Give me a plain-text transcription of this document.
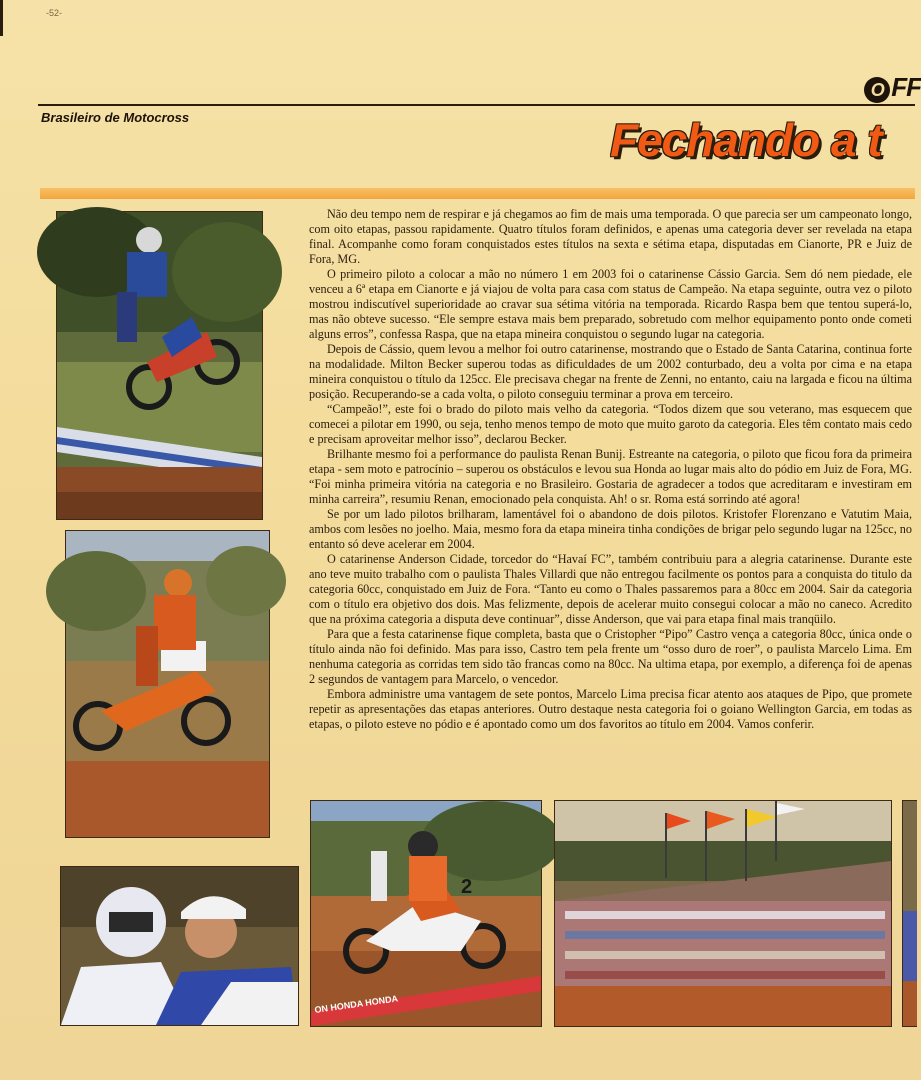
-52-
O FF
Brasileiro de Motocross	Fechando a t
2
ON HONDA HONDA

Não deu tempo nem de respirar e já chegamos ao fim de mais uma temporada. O que parecia ser um campeonato longo, com oito etapas, passou rapidamente. Quatro títulos foram definidos, e apenas uma categoria dever ser revelada na etapa final. Acompanhe como foram conquistados estes títulos na sexta e sétima etapa, disputadas em Cianorte, PR e Juiz de Fora, MG.

O primeiro piloto a colocar a mão no número 1 em 2003 foi o catarinense Cássio Garcia. Sem dó nem piedade, ele venceu a 6ª etapa em Cianorte e já viajou de volta para casa com status de Campeão. Na etapa seguinte, outra vez o piloto mostrou indiscutível superioridade ao cravar sua sétima vitória na temporada. Ricardo Raspa bem que tentou superá-lo, mas não obteve sucesso. “Ele sempre estava mais bem preparado, sobretudo com melhor equipamento ponto onde cometi alguns erros”, confessa Raspa, que na etapa mineira conquistou o segundo lugar na categoria.

Depois de Cássio, quem levou a melhor foi outro catarinense, mostrando que o Estado de Santa Catarina, continua forte na modalidade. Milton Becker superou todas as dificuldades de um 2002 conturbado, deu a volta por cima e na etapa mineira conquistou o título da 125cc. Ele precisava chegar na frente de Zenni, no entanto, caiu na largada e ficou na última posição. Recuperando-se a cada volta, o piloto conseguiu terminar a prova em terceiro.

“Campeão!”, este foi o brado do piloto mais velho da categoria. “Todos dizem que sou veterano, mas esquecem que comecei a pilotar em 1990, ou seja, tenho menos tempo de moto que muito garoto da categoria. Eles têm contato mais cedo e precisam aproveitar melhor isso”, declarou Becker.

Brilhante mesmo foi a performance do paulista Renan Bunij. Estreante na categoria, o piloto que ficou fora da primeira etapa - sem moto e patrocínio – superou os obstáculos e levou sua Honda ao lugar mais alto do pódio em Juiz de Fora, MG. “Foi minha primeira vitória na categoria e no Brasileiro. Gostaria de agradecer a todos que acreditaram e investiram em minha carreira”, resumiu Renan, emocionado pela conquista. Ah! o sr. Roma está sorrindo até agora!

Se por um lado pilotos brilharam, lamentável foi o abandono de dois pilotos. Kristofer Florenzano e Vatutim Maia, ambos com lesões no joelho. Maia, mesmo fora da etapa mineira tinha condições de brigar pelo segundo lugar na 125cc, no entanto só deve acelerar em 2004.

O catarinense Anderson Cidade, torcedor do “Havaí FC”, também contribuiu para a alegria catarinense. Durante este ano teve muito trabalho com o paulista Thales Villardi que não entregou facilmente os pontos para a conquista do titulo da categoria 60cc, conquistado em Juiz de Fora. “Tanto eu como o Thales passaremos para a 80cc em 2004. Sair da categoria com o título era objetivo dos dois. Mas felizmente, depois de acelerar muito consegui colocar a mão no caneco. Acredito que na próxima categoria a disputa deve continuar”, disse Anderson, que vai para etapa final mais tranqüilo.

Para que a festa catarinense fique completa, basta que o Cristopher “Pipo” Castro vença a categoria 80cc, única onde o título ainda não foi definido. Mas para isso, Castro tem pela frente um “osso duro de roer”, o paulista Marcelo Lima. Em nenhuma categoria as corridas tem sido tão francas como na 80cc. Na ultima etapa, por exemplo, a diferença foi de apenas 2 segundos de vantagem para Marcelo, o vencedor.

Embora administre uma vantagem de sete pontos, Marcelo Lima precisa ficar atento aos ataques de Pipo, que promete repetir as apresentações das etapas anteriores. Outro destaque nesta categoria foi o goiano Wellington Garcia, em todas as etapas, o piloto esteve no pódio e é apontado como um dos favoritos ao título em 2004. Vamos conferir.
